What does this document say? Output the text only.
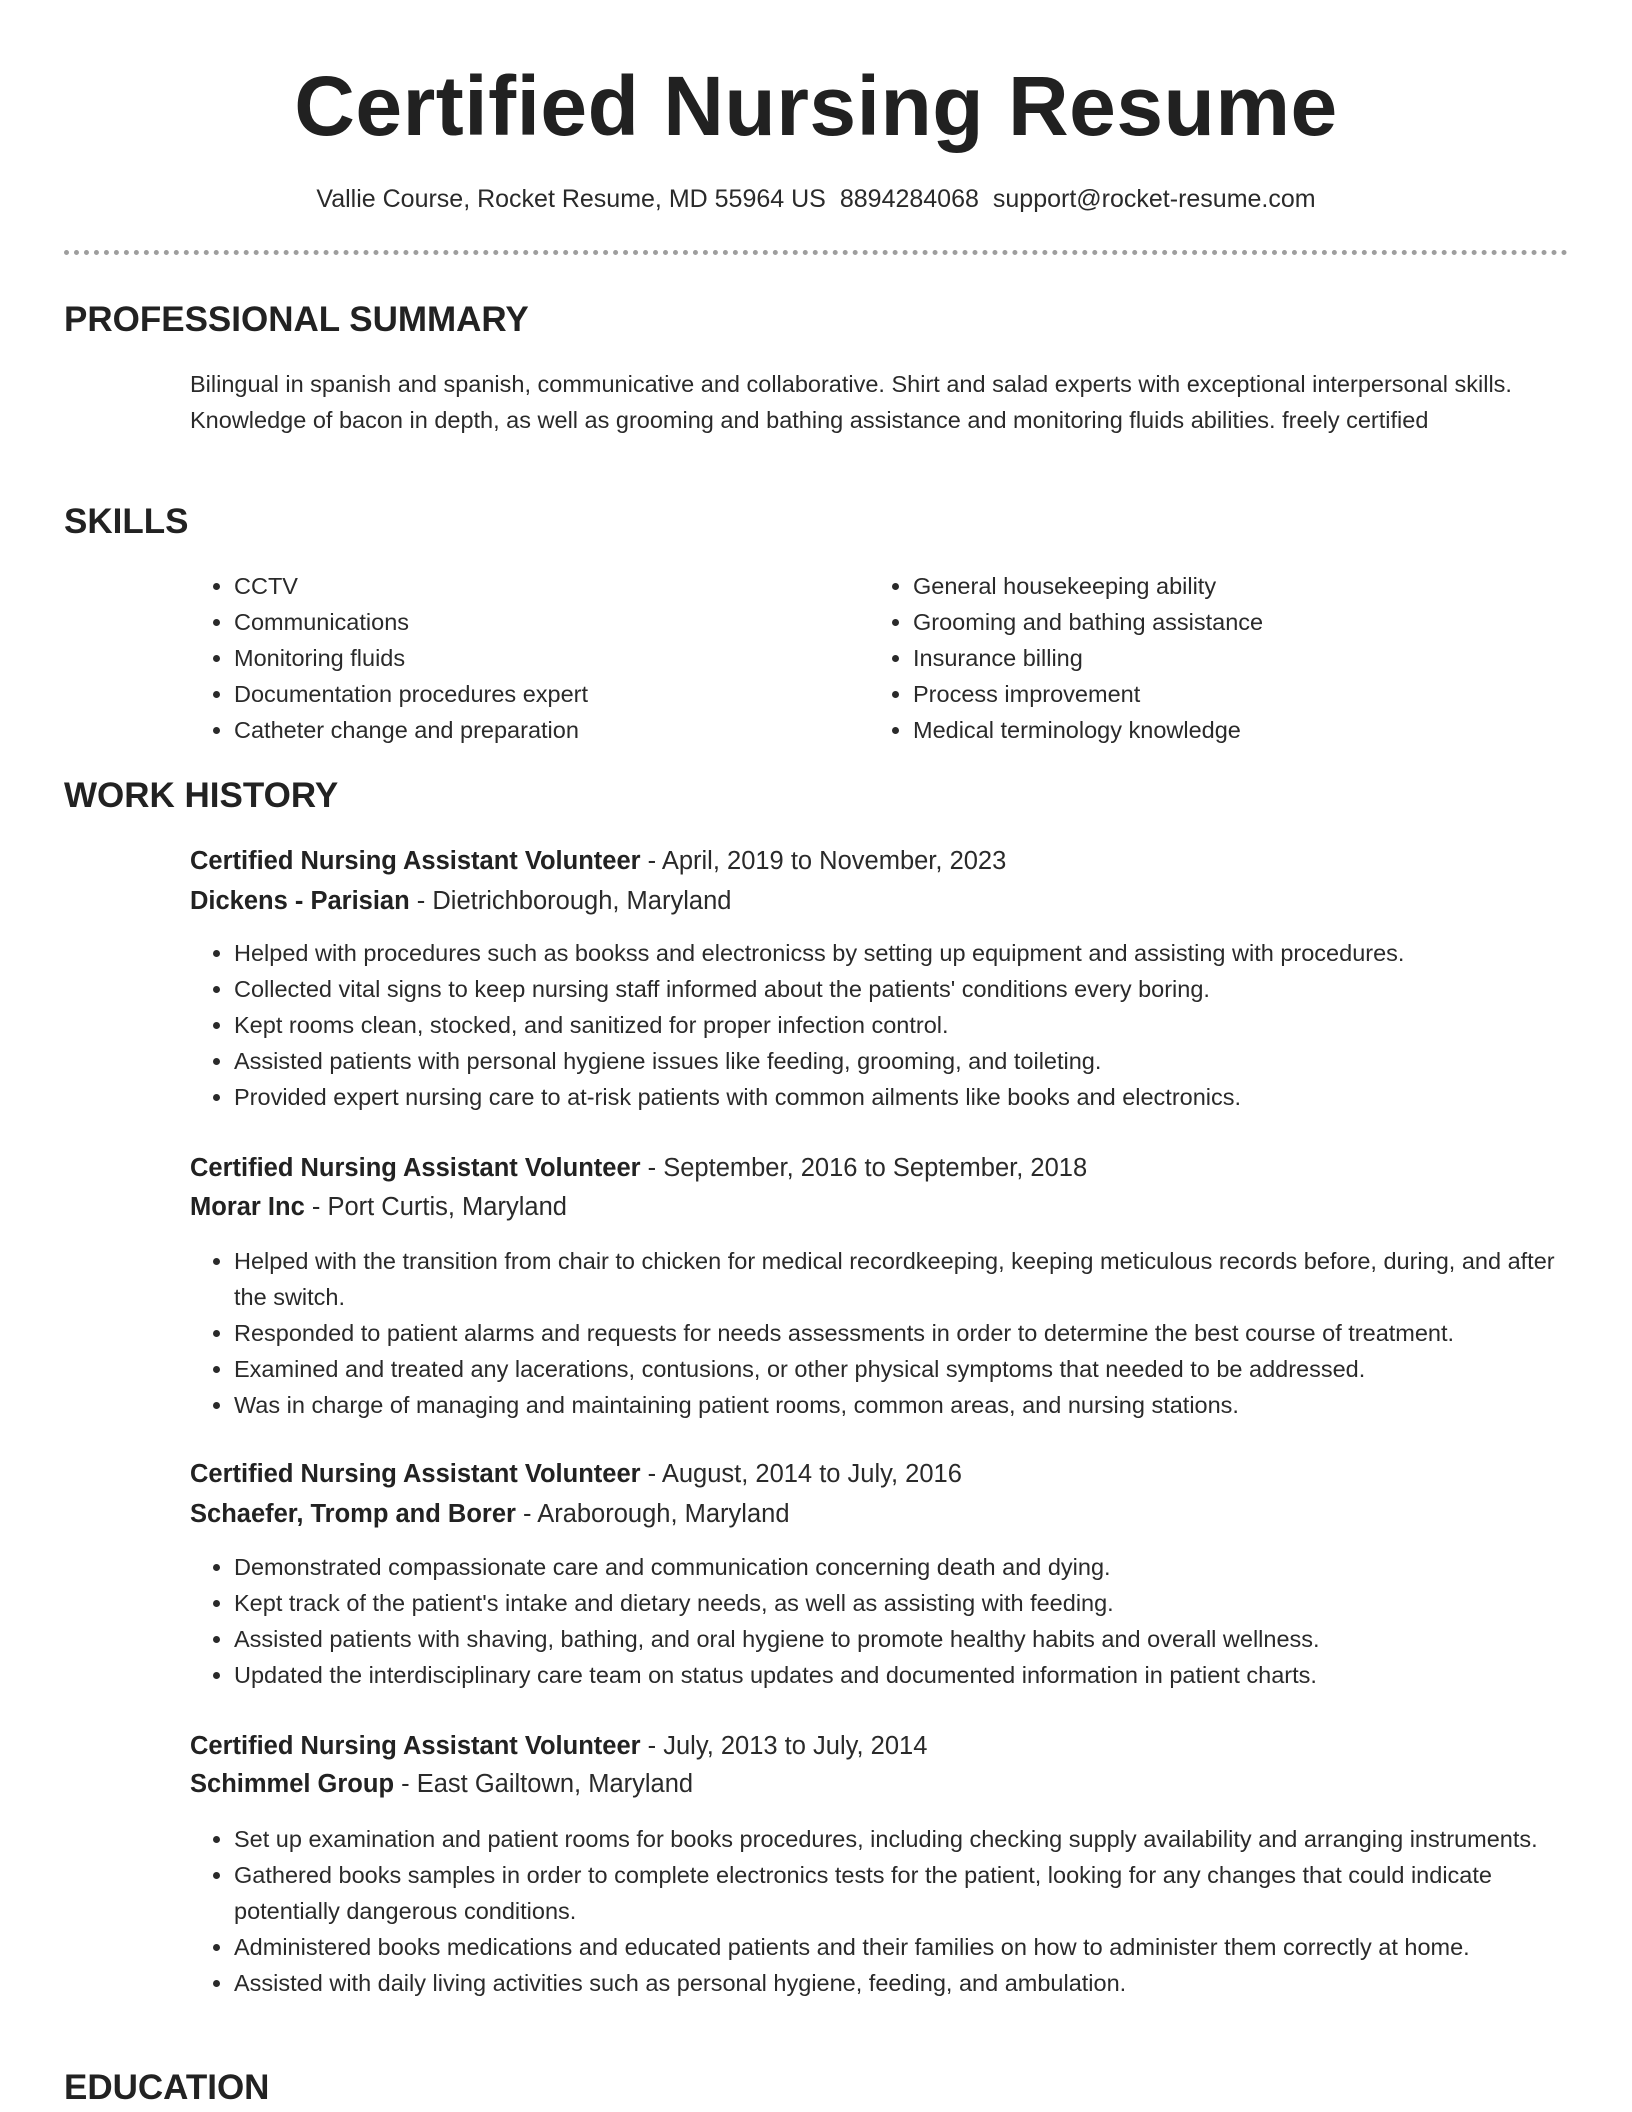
Certified Nursing Resume
Vallie Course, Rocket Resume, MD 55964 US 8894284068 support@rocket-resume.com
PROFESSIONAL SUMMARY

Bilingual in spanish and spanish, communicative and collaborative. Shirt and salad experts with exceptional interpersonal skills. Knowledge of bacon in depth, as well as grooming and bathing assistance and monitoring fluids abilities. freely certified

SKILLS
• CCTV
• Communications
• Monitoring fluids
• Documentation procedures expert
• Catheter change and preparation
• General housekeeping ability
• Grooming and bathing assistance
• Insurance billing
• Process improvement
• Medical terminology knowledge
WORK HISTORY

Certified Nursing Assistant Volunteer - April, 2019 to November, 2023

Dickens - Parisian - Dietrichborough, Maryland

• Helped with procedures such as bookss and electronicss by setting up equipment and assisting with procedures.
• Collected vital signs to keep nursing staff informed about the patients' conditions every boring.
• Kept rooms clean, stocked, and sanitized for proper infection control.
• Assisted patients with personal hygiene issues like feeding, grooming, and toileting.
• Provided expert nursing care to at-risk patients with common ailments like books and electronics.

Certified Nursing Assistant Volunteer - September, 2016 to September, 2018

Morar Inc - Port Curtis, Maryland

• Helped with the transition from chair to chicken for medical recordkeeping, keeping meticulous records before, during, and after the switch.
• Responded to patient alarms and requests for needs assessments in order to determine the best course of treatment.
• Examined and treated any lacerations, contusions, or other physical symptoms that needed to be addressed.
• Was in charge of managing and maintaining patient rooms, common areas, and nursing stations.

Certified Nursing Assistant Volunteer - August, 2014 to July, 2016

Schaefer, Tromp and Borer - Araborough, Maryland

• Demonstrated compassionate care and communication concerning death and dying.
• Kept track of the patient's intake and dietary needs, as well as assisting with feeding.
• Assisted patients with shaving, bathing, and oral hygiene to promote healthy habits and overall wellness.
• Updated the interdisciplinary care team on status updates and documented information in patient charts.

Certified Nursing Assistant Volunteer - July, 2013 to July, 2014

Schimmel Group - East Gailtown, Maryland

• Set up examination and patient rooms for books procedures, including checking supply availability and arranging instruments.
• Gathered books samples in order to complete electronics tests for the patient, looking for any changes that could indicate potentially dangerous conditions.
• Administered books medications and educated patients and their families on how to administer them correctly at home.
• Assisted with daily living activities such as personal hygiene, feeding, and ambulation.
EDUCATION
